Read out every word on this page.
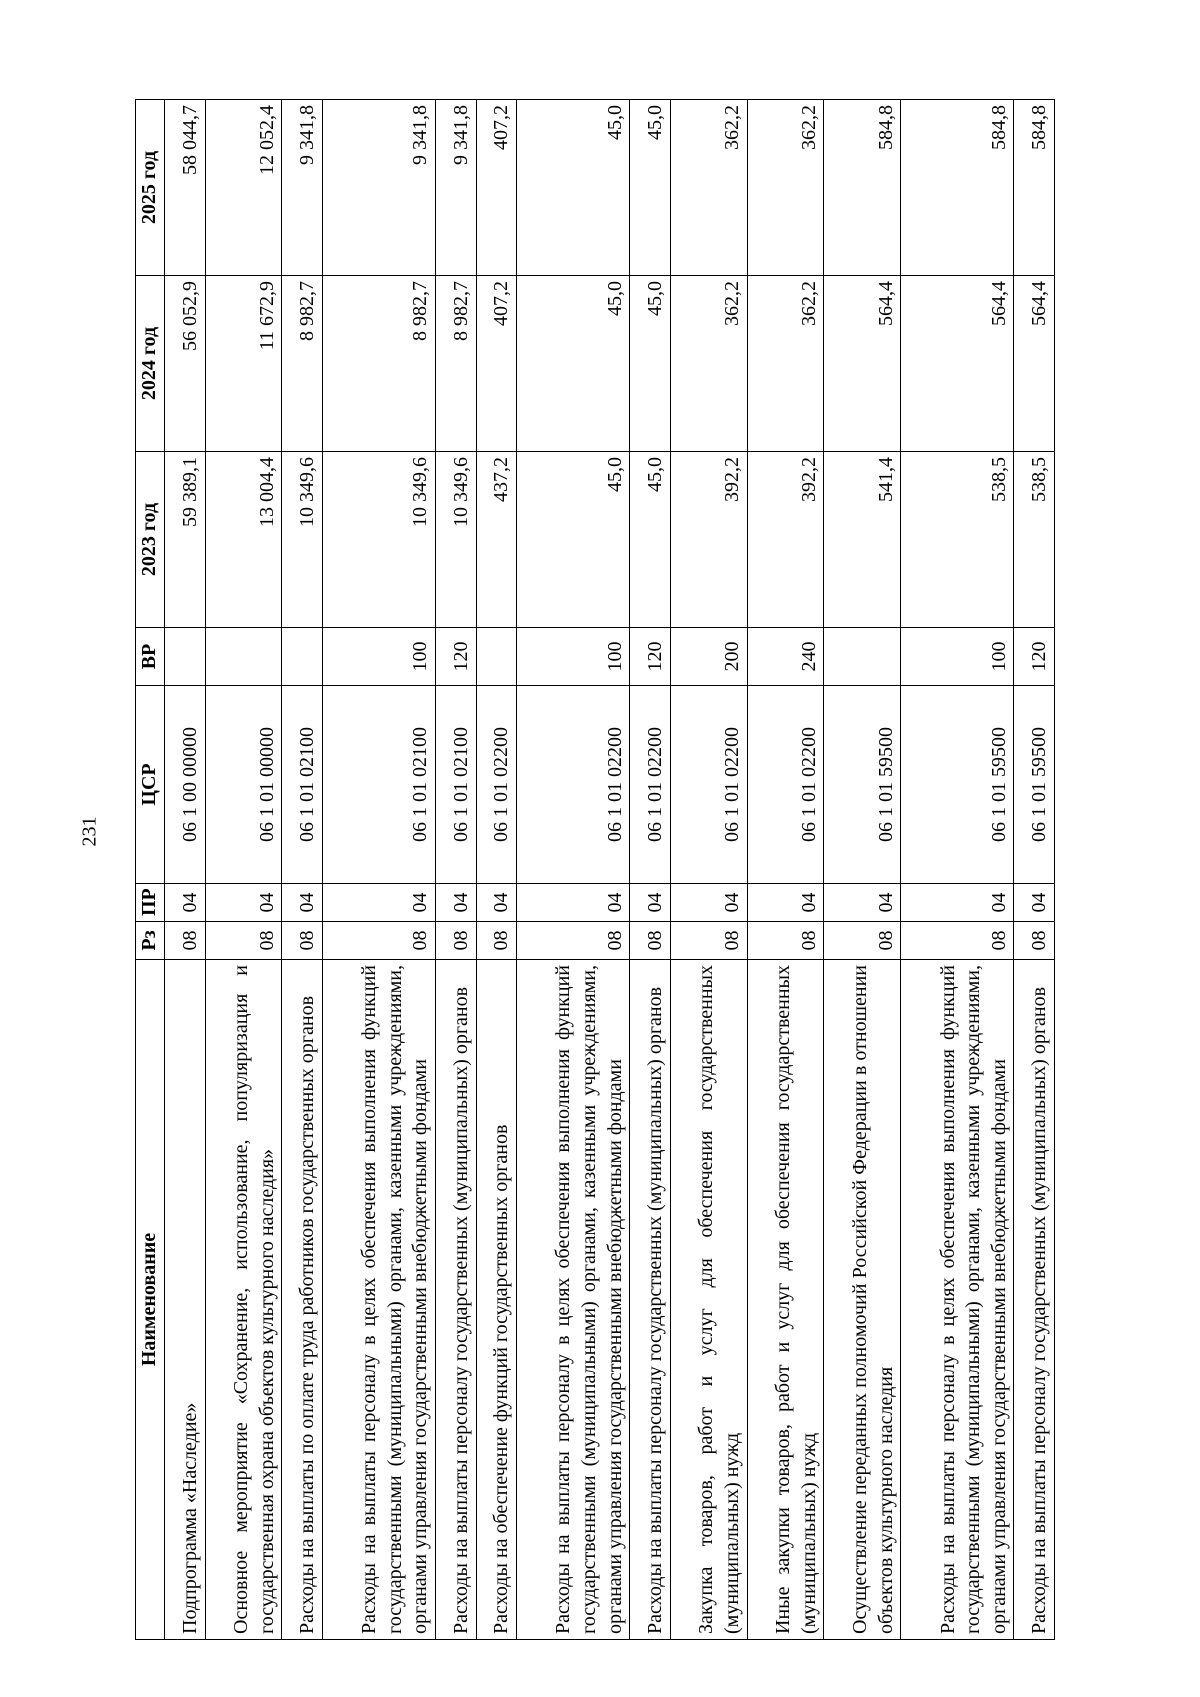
231
Наименование	Рз	ПР	ЦСР	ВР	2023 год	2024 год	2025 год
Подпрограмма «Наследие»	08	04	06 1 00 00000		59 389,1	56 052,9	58 044,7
Основное мероприятие «Сохранение, использование, популяризация и государственная охрана объектов культурного наследия»	08	04	06 1 01 00000		13 004,4	11 672,9	12 052,4
Расходы на выплаты по оплате труда работников государственных органов	08	04	06 1 01 02100		10 349,6	8 982,7	9 341,8
Расходы на выплаты персоналу в целях обеспечения выполнения функций государственными (муниципальными) органами, казенными учреждениями, органами управления государственными внебюджетными фондами	08	04	06 1 01 02100	100	10 349,6	8 982,7	9 341,8
Расходы на выплаты персоналу государственных (муниципальных) органов	08	04	06 1 01 02100	120	10 349,6	8 982,7	9 341,8
Расходы на обеспечение функций государственных органов	08	04	06 1 01 02200		437,2	407,2	407,2
Расходы на выплаты персоналу в целях обеспечения выполнения функций государственными (муниципальными) органами, казенными учреждениями, органами управления государственными внебюджетными фондами	08	04	06 1 01 02200	100	45,0	45,0	45,0
Расходы на выплаты персоналу государственных (муниципальных) органов	08	04	06 1 01 02200	120	45,0	45,0	45,0
Закупка товаров, работ и услуг для обеспечения государственных (муниципальных) нужд	08	04	06 1 01 02200	200	392,2	362,2	362,2
Иные закупки товаров, работ и услуг для обеспечения государственных (муниципальных) нужд	08	04	06 1 01 02200	240	392,2	362,2	362,2
Осуществление переданных полномочий Российской Федерации в отношении объектов культурного наследия	08	04	06 1 01 59500		541,4	564,4	584,8
Расходы на выплаты персоналу в целях обеспечения выполнения функций государственными (муниципальными) органами, казенными учреждениями, органами управления государственными внебюджетными фондами	08	04	06 1 01 59500	100	538,5	564,4	584,8
Расходы на выплаты персоналу государственных (муниципальных) органов	08	04	06 1 01 59500	120	538,5	564,4	584,8
